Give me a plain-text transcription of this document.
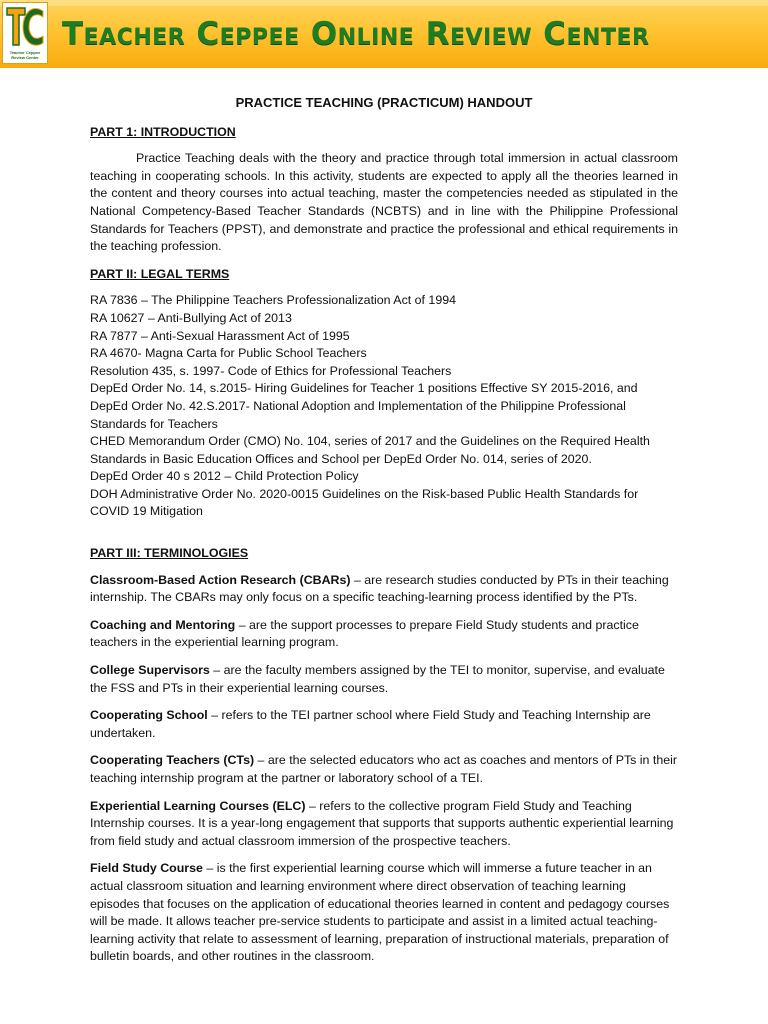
Teacher Ceppee
Review Center
Teacher Ceppee Online Review Center
PRACTICE TEACHING (PRACTICUM) HANDOUT
PART 1: INTRODUCTION
Practice Teaching deals with the theory and practice through total immersion in actual classroom teaching in cooperating schools. In this activity, students are expected to apply all the theories learned in the content and theory courses into actual teaching, master the competencies needed as stipulated in the National Competency-Based Teacher Standards (NCBTS) and in line with the Philippine Professional Standards for Teachers (PPST), and demonstrate and practice the professional and ethical requirements in the teaching profession.
PART II: LEGAL TERMS
RA 7836 – The Philippine Teachers Professionalization Act of 1994
RA 10627 – Anti-Bullying Act of 2013
RA 7877 – Anti-Sexual Harassment Act of 1995
RA 4670- Magna Carta for Public School Teachers
Resolution 435, s. 1997- Code of Ethics for Professional Teachers
DepEd Order No. 14, s.2015- Hiring Guidelines for Teacher 1 positions Effective SY 2015-2016, and DepEd Order No. 42.S.2017- National Adoption and Implementation of the Philippine Professional Standards for Teachers
CHED Memorandum Order (CMO) No. 104, series of 2017 and the Guidelines on the Required Health Standards in Basic Education Offices and School per DepEd Order No. 014, series of 2020.
DepEd Order 40 s 2012 – Child Protection Policy
DOH Administrative Order No. 2020-0015 Guidelines on the Risk-based Public Health Standards for COVID 19 Mitigation
PART III: TERMINOLOGIES
Classroom-Based Action Research (CBARs) – are research studies conducted by PTs in their teaching internship. The CBARs may only focus on a specific teaching-learning process identified by the PTs.
Coaching and Mentoring – are the support processes to prepare Field Study students and practice teachers in the experiential learning program.
College Supervisors – are the faculty members assigned by the TEI to monitor, supervise, and evaluate the FSS and PTs in their experiential learning courses.
Cooperating School – refers to the TEI partner school where Field Study and Teaching Internship are undertaken.
Cooperating Teachers (CTs) – are the selected educators who act as coaches and mentors of PTs in their teaching internship program at the partner or laboratory school of a TEI.
Experiential Learning Courses (ELC) – refers to the collective program Field Study and Teaching Internship courses. It is a year-long engagement that supports that supports authentic experiential learning from field study and actual classroom immersion of the prospective teachers.
Field Study Course – is the first experiential learning course which will immerse a future teacher in an actual classroom situation and learning environment where direct observation of teaching learning episodes that focuses on the application of educational theories learned in content and pedagogy courses will be made. It allows teacher pre-service students to participate and assist in a limited actual teaching-learning activity that relate to assessment of learning, preparation of instructional materials, preparation of bulletin boards, and other routines in the classroom.
